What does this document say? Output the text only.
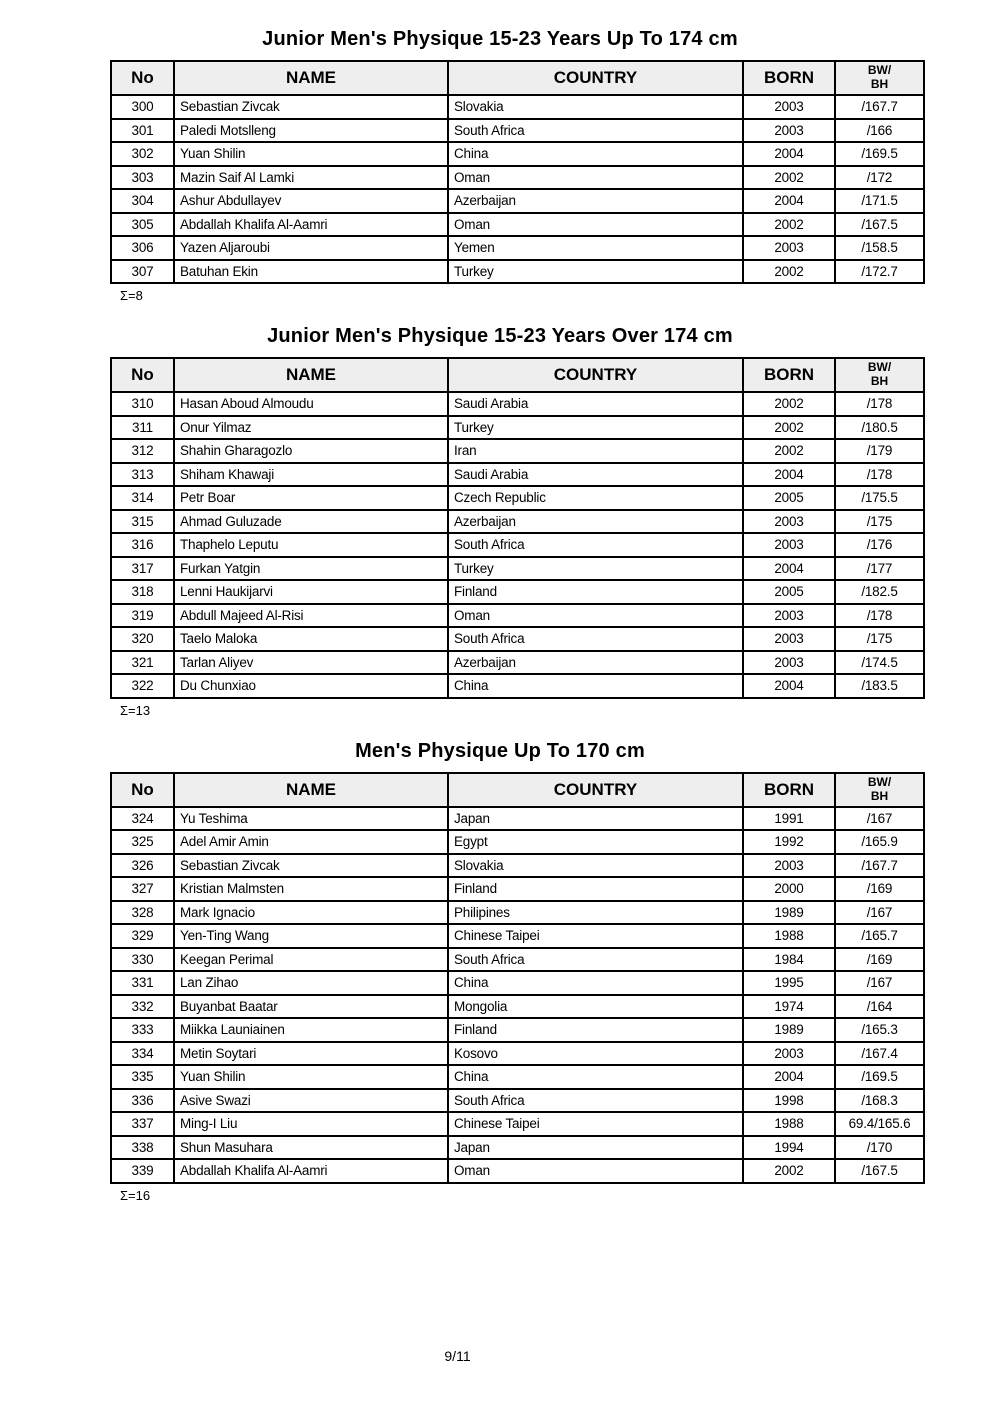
Junior Men's Physique 15-23 Years Up To 174 cm
No	NAME	COUNTRY	BORN	BW/
BH

300	Sebastian Zivcak	Slovakia	2003	/167.7
301	Paledi Motslleng	South Africa	2003	/166
302	Yuan Shilin	China	2004	/169.5
303	Mazin Saif Al Lamki	Oman	2002	/172
304	Ashur Abdullayev	Azerbaijan	2004	/171.5
305	Abdallah Khalifa Al-Aamri	Oman	2002	/167.5
306	Yazen Aljaroubi	Yemen	2003	/158.5
307	Batuhan Ekin	Turkey	2002	/172.7
Σ=8
Junior Men's Physique 15-23 Years Over 174 cm
No	NAME	COUNTRY	BORN	BW/
BH

310	Hasan Aboud Almoudu	Saudi Arabia	2002	/178
311	Onur Yilmaz	Turkey	2002	/180.5
312	Shahin Gharagozlo	Iran	2002	/179
313	Shiham Khawaji	Saudi Arabia	2004	/178
314	Petr Boar	Czech Republic	2005	/175.5
315	Ahmad Guluzade	Azerbaijan	2003	/175
316	Thaphelo Leputu	South Africa	2003	/176
317	Furkan Yatgin	Turkey	2004	/177
318	Lenni Haukijarvi	Finland	2005	/182.5
319	Abdull Majeed Al-Risi	Oman	2003	/178
320	Taelo Maloka	South Africa	2003	/175
321	Tarlan Aliyev	Azerbaijan	2003	/174.5
322	Du Chunxiao	China	2004	/183.5
Σ=13
Men's Physique Up To 170 cm
No	NAME	COUNTRY	BORN	BW/
BH

324	Yu Teshima	Japan	1991	/167
325	Adel Amir Amin	Egypt	1992	/165.9
326	Sebastian Zivcak	Slovakia	2003	/167.7
327	Kristian Malmsten	Finland	2000	/169
328	Mark Ignacio	Philipines	1989	/167
329	Yen-Ting Wang	Chinese Taipei	1988	/165.7
330	Keegan Perimal	South Africa	1984	/169
331	Lan Zihao	China	1995	/167
332	Buyanbat Baatar	Mongolia	1974	/164
333	Miikka Launiainen	Finland	1989	/165.3
334	Metin Soytari	Kosovo	2003	/167.4
335	Yuan Shilin	China	2004	/169.5
336	Asive Swazi	South Africa	1998	/168.3
337	Ming-I Liu	Chinese Taipei	1988	69.4/165.6
338	Shun Masuhara	Japan	1994	/170
339	Abdallah Khalifa Al-Aamri	Oman	2002	/167.5
Σ=16
9/11
